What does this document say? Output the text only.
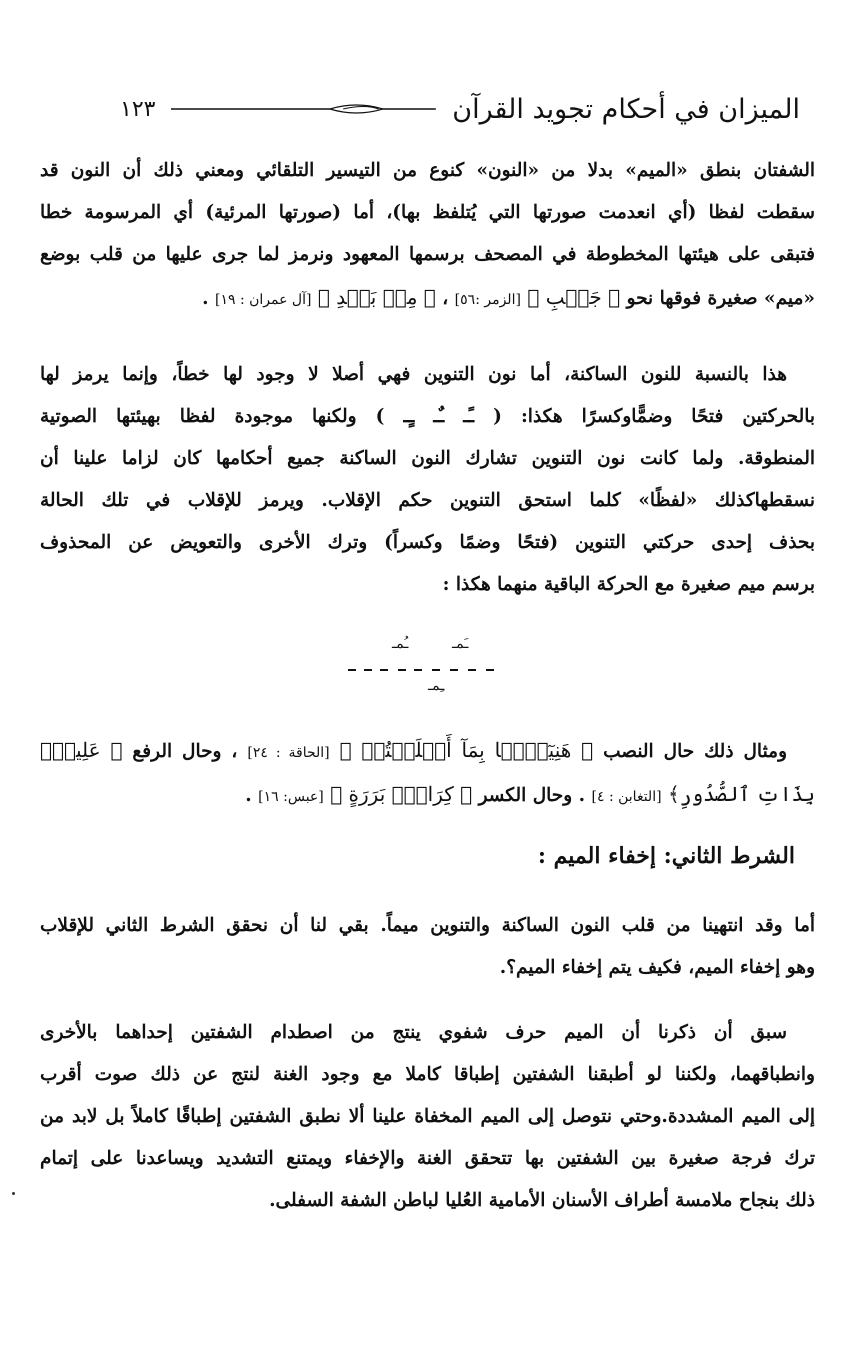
الميزان في أحكام تجويد القرآن
١٢٣
الشفتان بنطق «الميم» بدلا من «النون» كنوع من التيسير التلقائي ومعني ذلك أن النون قد
سقطت لفظا (أي انعدمت صورتها التي يُتلفظ بها)، أما (صورتها المرئية) أي المرسومة خطا
فتبقى على هيئتها المخطوطة في المصحف برسمها المعهود ونرمز لما جرى عليها من قلب بوضع
«ميم» صغيرة فوقها نحو ﴿ جَنۢبِ ﴾ [الزمر :٥٦] ، ﴿ مِنۢ بَعۡدِ ﴾ [آل عمران : ١٩] .
هذا بالنسبة للنون الساكنة، أما نون التنوين فهي أصلا لا وجود لها خطاً، وإنما يرمز لها
بالحركتين فتحًا وضمًّاوكسرًا هكذا: ( ـًـ ـٌـ ـٍـ ) ولكنها موجودة لفظا بهيئتها الصوتية
المنطوقة. ولما كانت نون التنوين تشارك النون الساكنة جميع أحكامها كان لزاما علينا أن
نسقطهاكذلك «لفظًا» كلما استحق التنوين حكم الإقلاب. ويرمز للإقلاب في تلك الحالة
بحذف إحدى حركتي التنوين (فتحًا وضمًا وكسراً) وترك الأخرى والتعويض عن المحذوف
برسم ميم صغيرة مع الحركة الباقية منهما هكذا :
ـُمـ	ـَمـ
ـِمـ
ومثال ذلك حال النصب ﴿ هَنِيٓـَٔۢا بِمَآ أَسۡلَفۡتُمۡ ﴾ [الحاقة : ٢٤] ، وحال الرفع ﴿ عَلِيمُۢ
بِذَاتِ ٱلصُّدُورِ﴾ [التغابن : ٤] . وحال الكسر ﴿ كِرَامِۭ بَرَرَةٍ ﴾ [عبس: ١٦] .
الشرط الثاني: إخفاء الميم :
أما وقد انتهينا من قلب النون الساكنة والتنوين ميماً. بقي لنا أن نحقق الشرط الثاني للإقلاب
وهو إخفاء الميم، فكيف يتم إخفاء الميم؟.
سبق أن ذكرنا أن الميم حرف شفوي ينتج من اصطدام الشفتين إحداهما بالأخرى
وانطباقهما، ولكننا لو أطبقنا الشفتين إطباقا كاملا مع وجود الغنة لنتج عن ذلك صوت أقرب
إلى الميم المشددة.وحتي نتوصل إلى الميم المخفاة علينا ألا نطبق الشفتين إطباقًا كاملاً بل لابد من
ترك فرجة صغيرة بين الشفتين بها تتحقق الغنة والإخفاء ويمتنع التشديد ويساعدنا على إتمام
ذلك بنجاح ملامسة أطراف الأسنان الأمامية العُليا لباطن الشفة السفلى.
